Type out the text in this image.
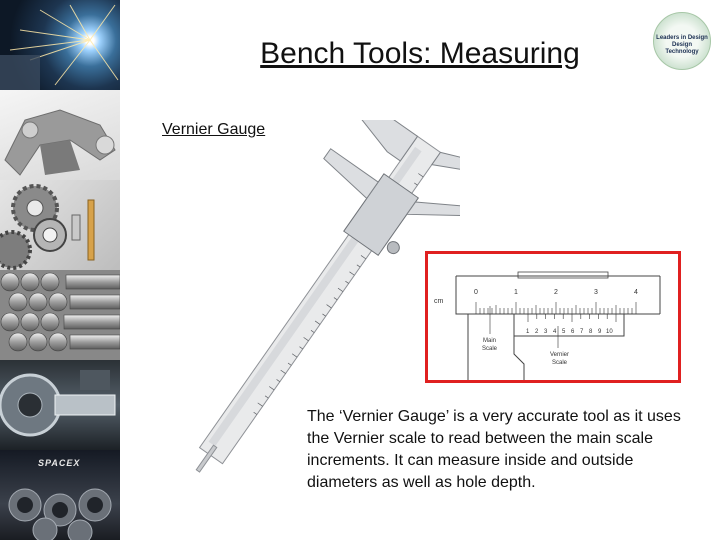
SPACEX
Bench Tools: Measuring	Leaders in Design
Design Technology
Vernier Gauge
cm
0	1	2	3	4
1 2 3 4 5 6 7 8 9 10
Main
Scale
Vernier
Scale
The ‘Vernier Gauge’ is a very accurate tool as it uses the Vernier scale to read between the main scale increments. It can measure inside and outside diameters as well as hole depth.
